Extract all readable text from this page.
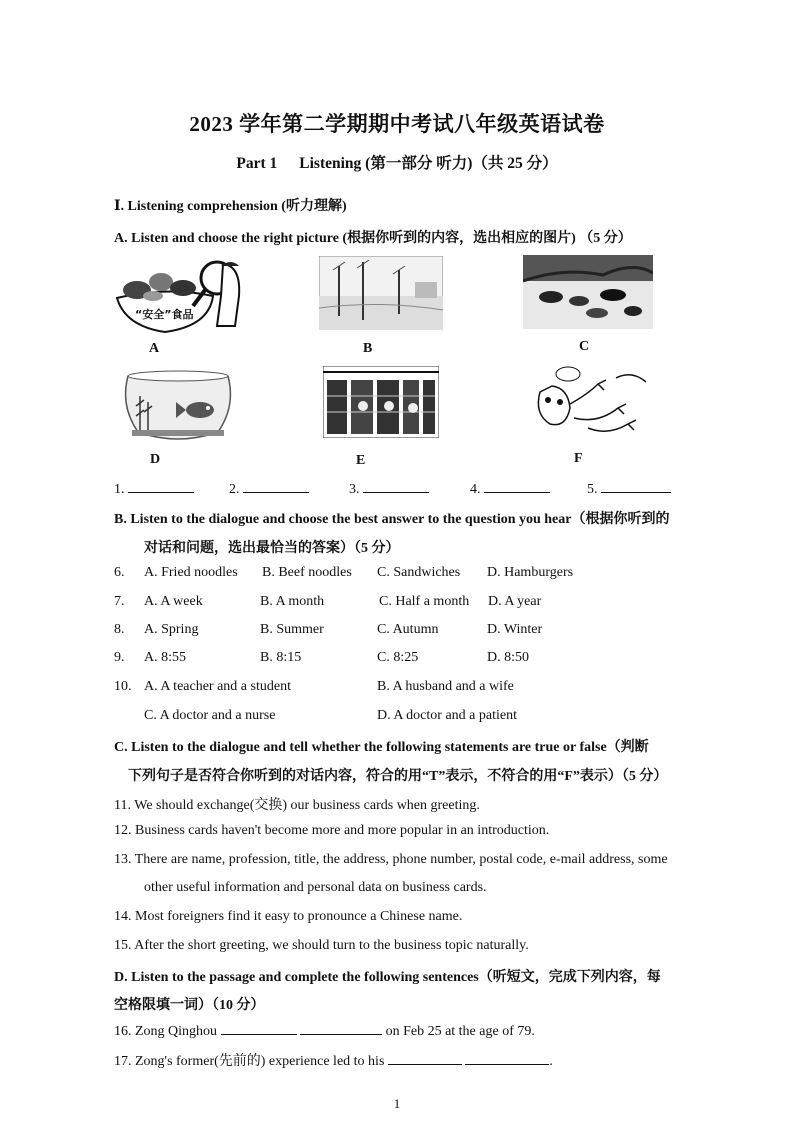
2023 学年第二学期期中考试八年级英语试卷
Part 1 Listening (第一部分 听力)（共 25 分）
Ⅰ. Listening comprehension (听力理解)
A. Listen and choose the right picture (根据你听到的内容，选出相应的图片) （5 分）
“安全”食品
A	B	C
D	E	F
1.	2.	3.	4.	5.
B. Listen to the dialogue and choose the best answer to the question you hear（根据你听到的
对话和问题，选出最恰当的答案）（5 分）
6. A. Fried noodles B. Beef noodles C. Sandwiches D. Hamburgers
7. A. A week	B. A month	C. Half a month D. A year
8. A. Spring	B. Summer	C. Autumn	D. Winter
9. A. 8:55	B. 8:15	C. 8:25	D. 8:50
10. A. A teacher and a student	B. A husband and a wife
C. A doctor and a nurse	D. A doctor and a patient
C. Listen to the dialogue and tell whether the following statements are true or false（判断
下列句子是否符合你听到的对话内容，符合的用“T”表示，不符合的用“F”表示）（5 分）
11. We should exchange(交换) our business cards when greeting.
12. Business cards haven't become more and more popular in an introduction.
13. There are name, profession, title, the address, phone number, postal code, e-mail address, some
other useful information and personal data on business cards.
14. Most foreigners find it easy to pronounce a Chinese name.
15. After the short greeting, we should turn to the business topic naturally.
D. Listen to the passage and complete the following sentences（听短文，完成下列内容，每
空格限填一词）（10 分）
16. Zong Qinghou	on Feb 25 at the age of 79.
17. Zong's former(先前的) experience led to his	.
1
